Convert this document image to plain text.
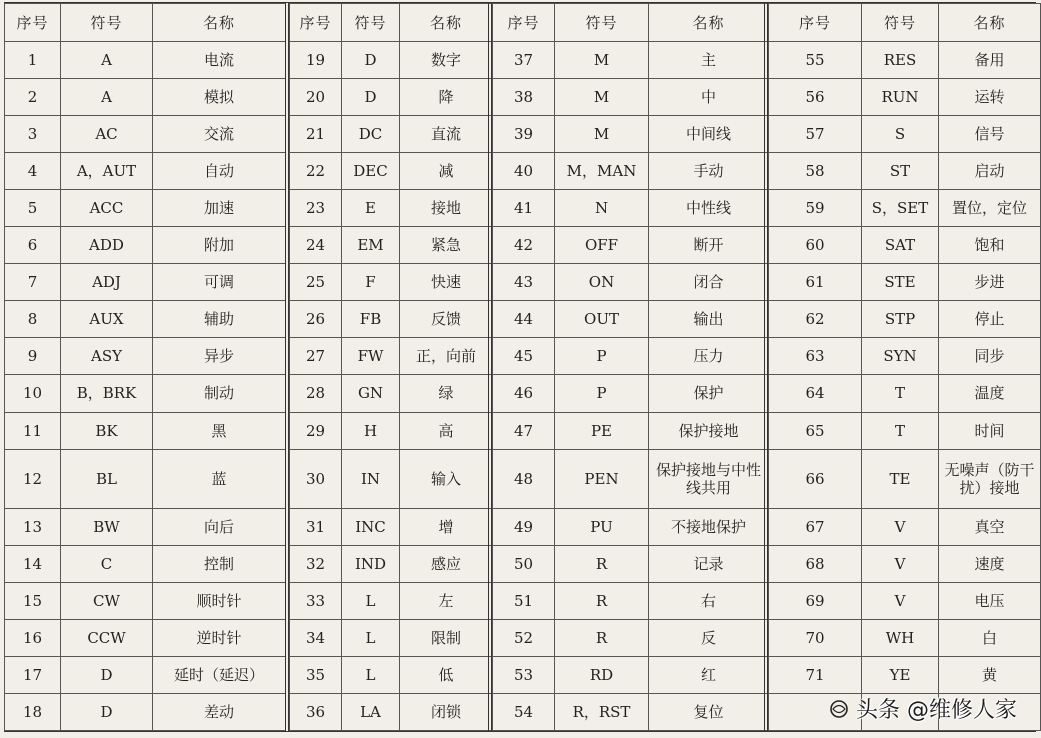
序号	符号	名称
1	A	电流
2	A	模拟
3	AC	交流
4	A，AUT	自动
5	ACC	加速
6	ADD	附加
7	ADJ	可调
8	AUX	辅助
9	ASY	异步
10	B，BRK	制动
11	BK	黑
12	BL	蓝
13	BW	向后
14	C	控制
15	CW	顺时针
16	CCW	逆时针
17	D	延时（延迟）
18	D	差动
序号	符号	名称
19	D	数字
20	D	降
21	DC	直流
22	DEC	减
23	E	接地
24	EM	紧急
25	F	快速
26	FB	反馈
27	FW	正，向前
28	GN	绿
29	H	高
30	IN	输入
31	INC	增
32	IND	感应
33	L	左
34	L	限制
35	L	低
36	LA	闭锁
序号	符号	名称
37	M	主
38	M	中
39	M	中间线
40	M，MAN	手动
41	N	中性线
42	OFF	断开
43	ON	闭合
44	OUT	输出
45	P	压力
46	P	保护
47	PE	保护接地
48	PEN	保护接地与中性线共用
49	PU	不接地保护
50	R	记录
51	R	右
52	R	反
53	RD	红
54	R，RST	复位
序号	符号	名称
55	RES	备用
56	RUN	运转
57	S	信号
58	ST	启动
59	S，SET	置位，定位
60	SAT	饱和
61	STE	步进
62	STP	停止
63	SYN	同步
64	T	温度
65	T	时间
66	TE	无噪声（防干扰）接地
67	V	真空
68	V	速度
69	V	电压
70	WH	白
71	YE	黄

头条 @维修人家
